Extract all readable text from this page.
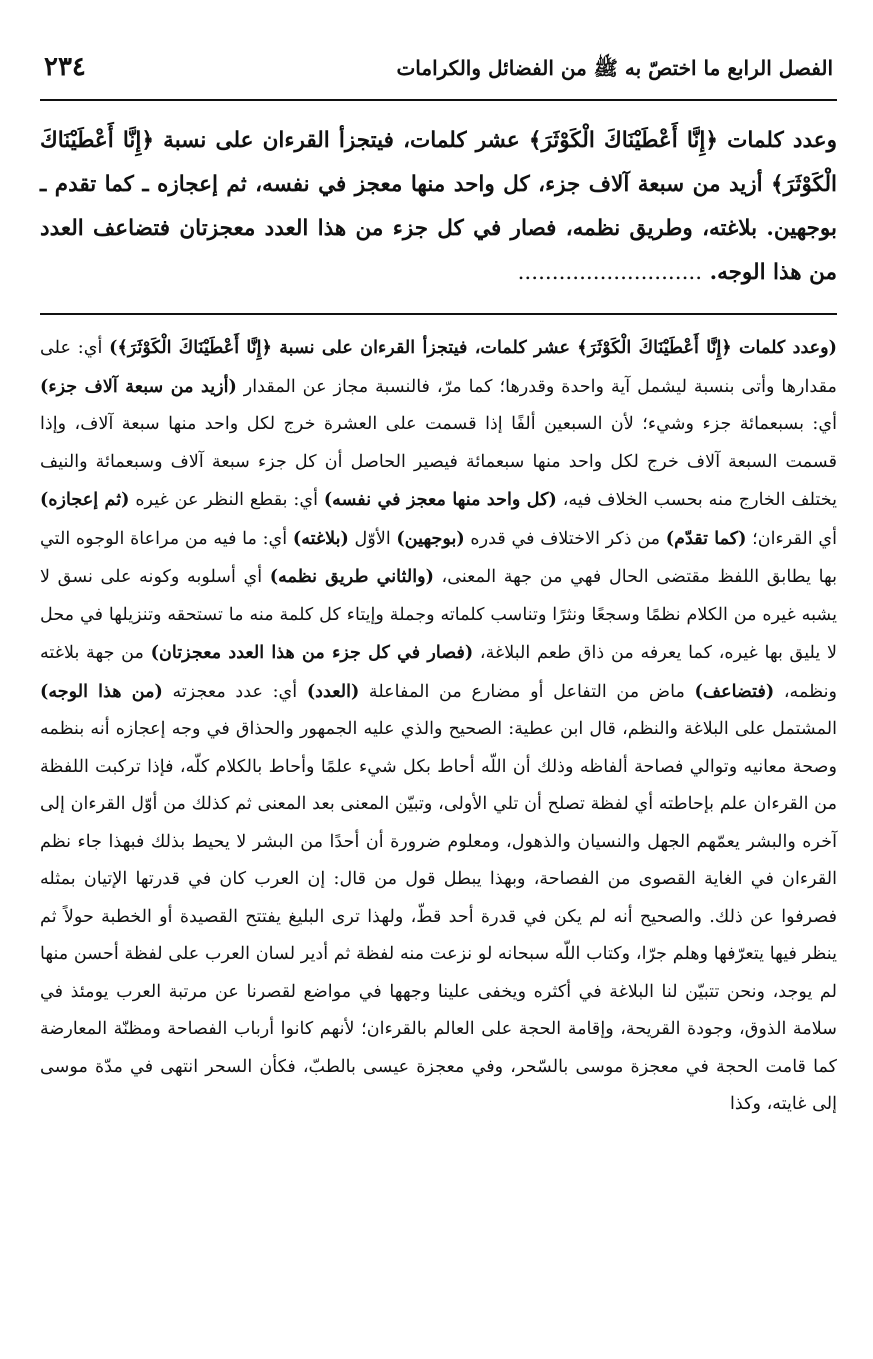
الفصل الرابع ما اختصّ به ﷺ من الفضائل والكرامات
٢٣٤
وعدد كلمات ﴿إِنَّا أَعْطَيْنَاكَ الْكَوْثَرَ﴾ عشر كلمات، فيتجزأ القرءان على نسبة ﴿إِنَّا أَعْطَيْنَاكَ الْكَوْثَرَ﴾ أزيد من سبعة آلاف جزء، كل واحد منها معجز في نفسه، ثم إعجازه ـ كما تقدم ـ بوجهين. بلاغته، وطريق نظمه، فصار في كل جزء من هذا العدد معجزتان فتضاعف العدد من هذا الوجه. ...........................

(وعدد كلمات ﴿إِنَّا أَعْطَيْنَاكَ الْكَوْثَرَ﴾ عشر كلمات، فيتجزأ القرءان على نسبة ﴿إِنَّا أَعْطَيْنَاكَ الْكَوْثَرَ﴾) أي: على مقدارها وأتى بنسبة ليشمل آية واحدة وقدرها؛ كما مرّ، فالنسبة مجاز عن المقدار (أزيد من سبعة آلاف جزء) أي: بسبعمائة جزء وشيء؛ لأن السبعين ألفًا إذا قسمت على العشرة خرج لكل واحد منها سبعة آلاف، وإذا قسمت السبعة آلاف خرج لكل واحد منها سبعمائة فيصير الحاصل أن كل جزء سبعة آلاف وسبعمائة والنيف يختلف الخارج منه بحسب الخلاف فيه، (كل واحد منها معجز في نفسه) أي: بقطع النظر عن غيره (ثم إعجازه) أي القرءان؛ (كما تقدّم) من ذكر الاختلاف في قدره (بوجهين) الأوّل (بلاغته) أي: ما فيه من مراعاة الوجوه التي بها يطابق اللفظ مقتضى الحال فهي من جهة المعنى، (والثاني طريق نظمه) أي أسلوبه وكونه على نسق لا يشبه غيره من الكلام نظمًا وسجعًا ونثرًا وتناسب كلماته وجملة وإيتاء كل كلمة منه ما تستحقه وتنزيلها في محل لا يليق بها غيره، كما يعرفه من ذاق طعم البلاغة، (فصار في كل جزء من هذا العدد معجزتان) من جهة بلاغته ونظمه، (فتضاعف) ماض من التفاعل أو مضارع من المفاعلة (العدد) أي: عدد معجزته (من هذا الوجه) المشتمل على البلاغة والنظم، قال ابن عطية: الصحيح والذي عليه الجمهور والحذاق في وجه إعجازه أنه بنظمه وصحة معانيه وتوالي فصاحة ألفاظه وذلك أن اللّه أحاط بكل شيء علمًا وأحاط بالكلام كلّه، فإذا تركبت اللفظة من القرءان علم بإحاطته أي لفظة تصلح أن تلي الأولى، وتبيّن المعنى بعد المعنى ثم كذلك من أوّل القرءان إلى آخره والبشر يعمّهم الجهل والنسيان والذهول، ومعلوم ضرورة أن أحدًا من البشر لا يحيط بذلك فبهذا جاء نظم القرءان في الغاية القصوى من الفصاحة، وبهذا يبطل قول من قال: إن العرب كان في قدرتها الإتيان بمثله فصرفوا عن ذلك. والصحيح أنه لم يكن في قدرة أحد قطّ، ولهذا ترى البليغ يفتتح القصيدة أو الخطبة حولاً ثم ينظر فيها يتعرّفها وهلم جرّا، وكتاب اللّه سبحانه لو نزعت منه لفظة ثم أدير لسان العرب على لفظة أحسن منها لم يوجد، ونحن تتبيّن لنا البلاغة في أكثره ويخفى علينا وجهها في مواضع لقصرنا عن مرتبة العرب يومئذ في سلامة الذوق، وجودة القريحة، وإقامة الحجة على العالم بالقرءان؛ لأنهم كانوا أرباب الفصاحة ومظنّة المعارضة كما قامت الحجة في معجزة موسى بالسّحر، وفي معجزة عيسى بالطبّ، فكأن السحر انتهى في مدّة موسى إلى غايته، وكذا
